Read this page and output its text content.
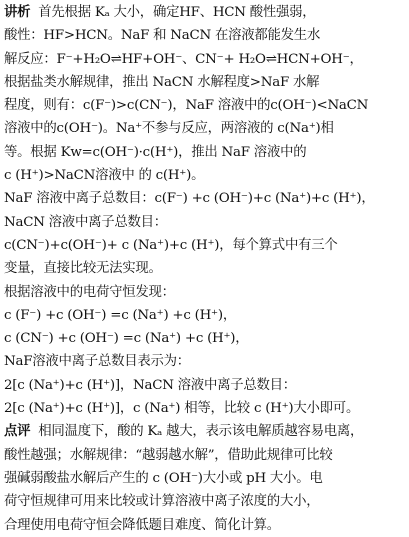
讲析 首先根据 Kₐ 大小，确定HF、HCN 酸性强弱，
酸性：HF>HCN。NaF 和 NaCN 在溶液都能发生水
解反应：F⁻+H₂O⇌HF+OH⁻、CN⁻+ H₂O⇌HCN+OH⁻，
根据盐类水解规律，推出 NaCN 水解程度>NaF 水解
程度，则有：c(F⁻)>c(CN⁻)，NaF 溶液中的c(OH⁻)<NaCN
溶液中的c(OH⁻)。Na⁺不参与反应，两溶液的 c(Na⁺)相
等。根据 Kw=c(OH⁻)·c(H⁺)，推出 NaF 溶液中的
c (H⁺)>NaCN溶液中 的 c(H⁺)。
NaF 溶液中离子总数目：c(F⁻) +c (OH⁻)+c (Na⁺)+c (H⁺)，
NaCN 溶液中离子总数目：
c(CN⁻)+c(OH⁻)+ c (Na⁺)+c (H⁺)，每个算式中有三个
变量，直接比较无法实现。
根据溶液中的电荷守恒发现：
c (F⁻) +c (OH⁻) =c (Na⁺) +c (H⁺)，
c (CN⁻) +c (OH⁻) =c (Na⁺) +c (H⁺)，
NaF溶液中离子总数目表示为：
2[c (Na⁺)+c (H⁺)]，NaCN 溶液中离子总数目：
2[c (Na⁺)+c (H⁺)]，c (Na⁺) 相等，比较 c (H⁺)大小即可。
点评 相同温度下，酸的 Kₐ 越大，表示该电解质越容易电离，
酸性越强；水解规律：“越弱越水解”，借助此规律可比较
强碱弱酸盐水解后产生的 c (OH⁻)大小或 pH 大小。电
荷守恒规律可用来比较或计算溶液中离子浓度的大小，
合理使用电荷守恒会降低题目难度、简化计算。
